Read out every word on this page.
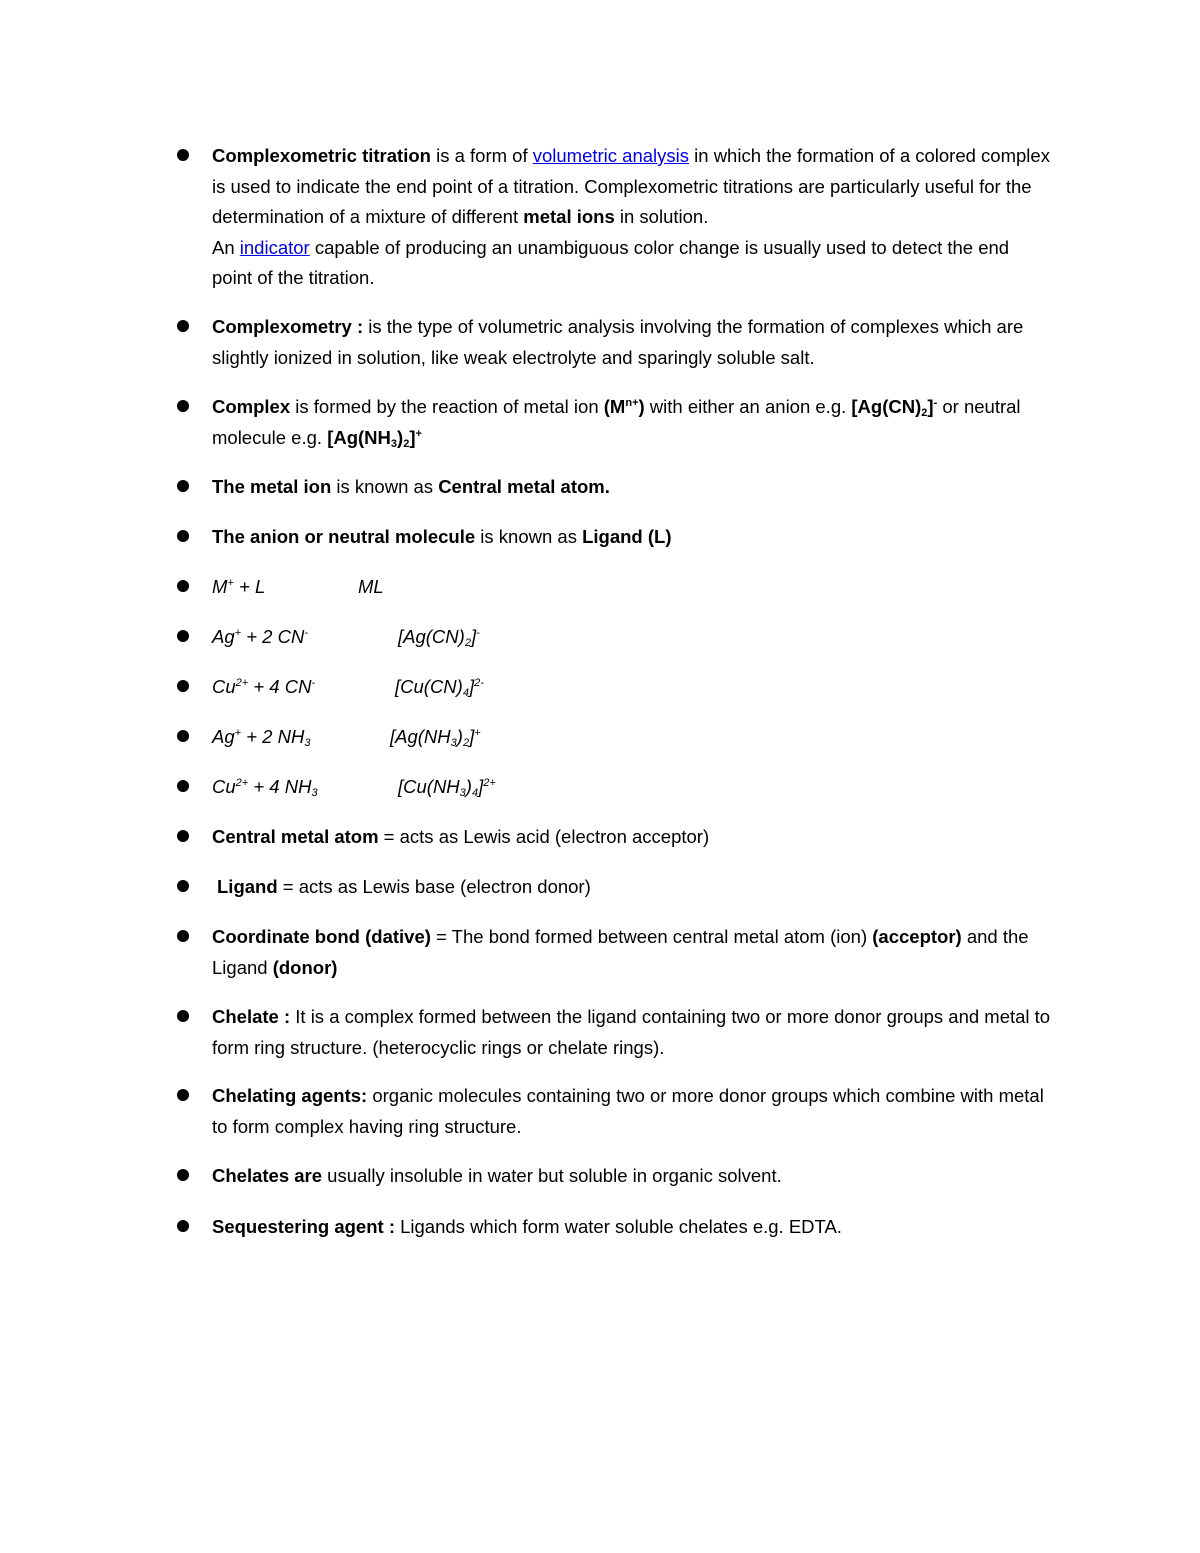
Complexometric titration is a form of volumetric analysis in which the formation of a colored complex is used to indicate the end point of a titration. Complexometric titrations are particularly useful for the determination of a mixture of different metal ions in solution.
An indicator capable of producing an unambiguous color change is usually used to detect the end point of the titration.
Complexometry : is the type of volumetric analysis involving the formation of complexes which are slightly ionized in solution, like weak electrolyte and sparingly soluble salt.
Complex is formed by the reaction of metal ion $(M^{n+})$ with either an anion e.g. $[Ag(CN)_2]^-$ or neutral molecule e.g. $[Ag(NH_3)_2]^+$
The metal ion is known as Central metal atom.
The anion or neutral molecule is known as Ligand (L)
M+ + L	ML
Ag+ + 2 CN-	$[Ag(CN)_2]^-$
$Cu^{2+} + 4$ CN-	$[Cu(CN)_4]^{2-}$
Ag+ + 2 $NH_3$	$[Ag(NH_3)_2]^+$
$Cu^{2+} + 4$ $NH_3$	$[Cu(NH_3)_4]^{2+}$
Central metal atom = acts as Lewis acid (electron acceptor)
Ligand = acts as Lewis base (electron donor)
Coordinate bond (dative) = The bond formed between central metal atom (ion) (acceptor) and the Ligand (donor)
Chelate : It is a complex formed between the ligand containing two or more donor groups and metal to form ring structure. (heterocyclic rings or chelate rings).
Chelating agents: organic molecules containing two or more donor groups which combine with metal to form complex having ring structure.
Chelates are usually insoluble in water but soluble in organic solvent.
Sequestering agent : Ligands which form water soluble chelates e.g. EDTA.
